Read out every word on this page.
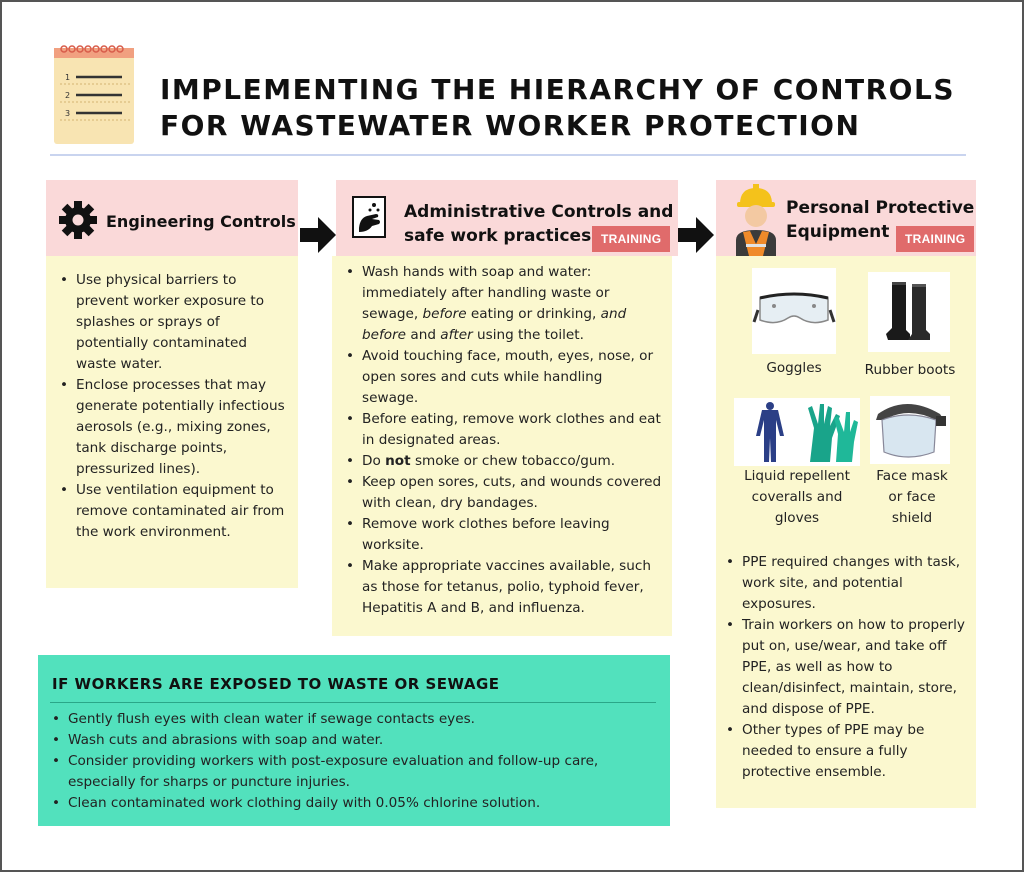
1
2
3
IMPLEMENTING THE HIERARCHY OF CONTROLS
FOR WASTEWATER WORKER PROTECTION
Engineering Controls
• Use physical barriers to prevent worker exposure to splashes or sprays of potentially contaminated waste water.
• Enclose processes that may generate potentially infectious aerosols (e.g., mixing zones, tank discharge points, pressurized lines).
• Use ventilation equipment to remove contaminated air from the work environment.
Administrative Controls and
safe work practices TRAINING
• Wash hands with soap and water: immediately after handling waste or sewage, before eating or drinking, and before and after using the toilet.
• Avoid touching face, mouth, eyes, nose, or open sores and cuts while handling sewage.
• Before eating, remove work clothes and eat in designated areas.
• Do not smoke or chew tobacco/gum.
• Keep open sores, cuts, and wounds covered with clean, dry bandages.
• Remove work clothes before leaving worksite.
• Make appropriate vaccines available, such as those for tetanus, polio, typhoid fever, Hepatitis A and B, and influenza.
Personal Protective
Equipment	TRAINING
Goggles	Rubber boots
Liquid repellent
coveralls and
gloves
Face mask
or face
shield
• PPE required changes with task, work site, and potential exposures.
• Train workers on how to properly put on, use/wear, and take off PPE, as well as how to clean/disinfect, maintain, store, and dispose of PPE.
• Other types of PPE may be needed to ensure a fully protective ensemble.
IF WORKERS ARE EXPOSED TO WASTE OR SEWAGE
• Gently flush eyes with clean water if sewage contacts eyes.
• Wash cuts and abrasions with soap and water.
• Consider providing workers with post-exposure evaluation and follow-up care, especially for sharps or puncture injuries.
• Clean contaminated work clothing daily with 0.05% chlorine solution.
